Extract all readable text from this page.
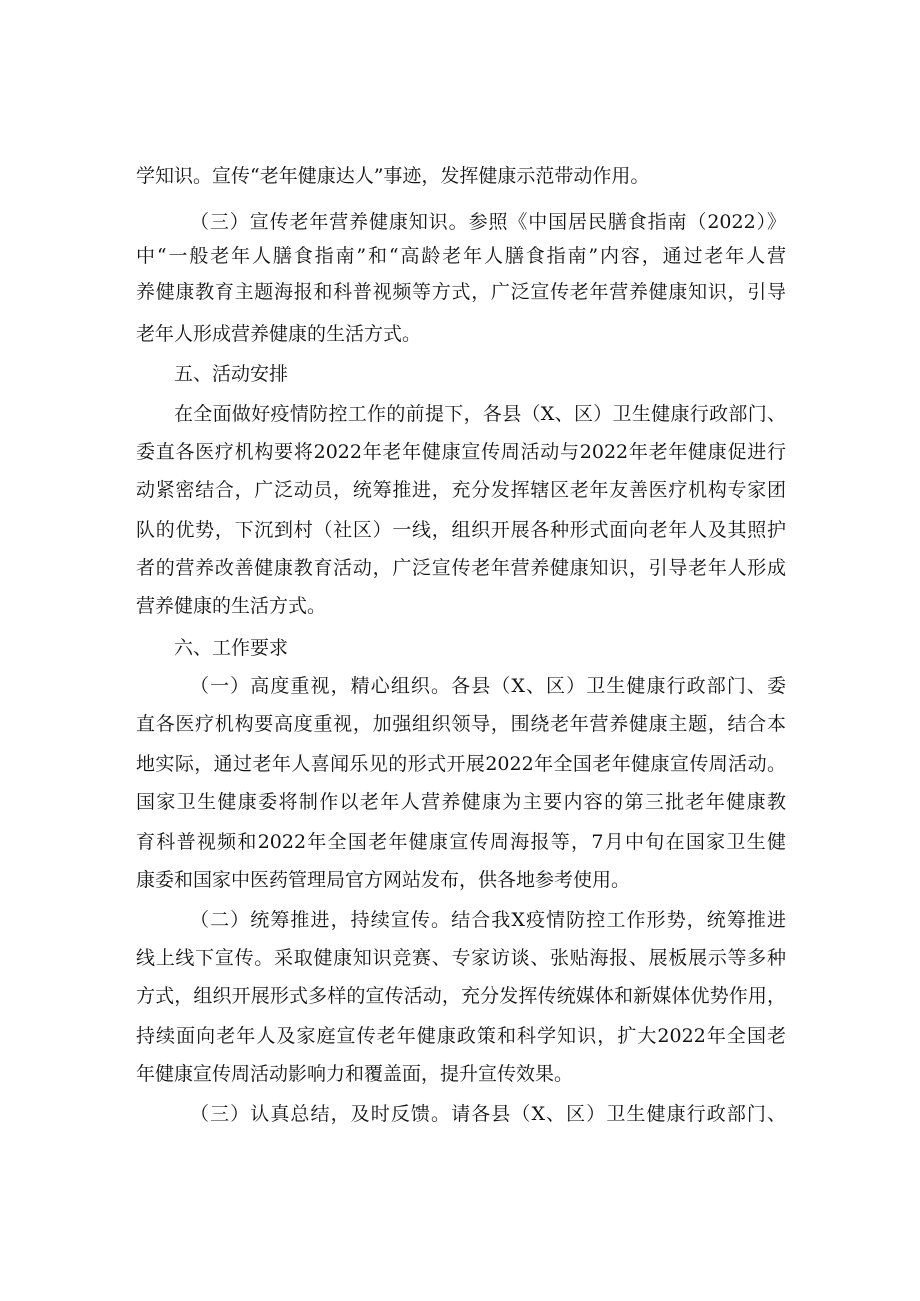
学知识。宣传“老年健康达人”事迹，发挥健康示范带动作用。
（三）宣传老年营养健康知识。参照《中国居民膳食指南（2022）》
中“一般老年人膳食指南”和“高龄老年人膳食指南”内容，通过老年人营
养健康教育主题海报和科普视频等方式，广泛宣传老年营养健康知识，引导
老年人形成营养健康的生活方式。
五、活动安排
在全面做好疫情防控工作的前提下，各县（X、区）卫生健康行政部门、
委直各医疗机构要将2022年老年健康宣传周活动与2022年老年健康促进行
动紧密结合，广泛动员，统筹推进，充分发挥辖区老年友善医疗机构专家团
队的优势，下沉到村（社区）一线，组织开展各种形式面向老年人及其照护
者的营养改善健康教育活动，广泛宣传老年营养健康知识，引导老年人形成
营养健康的生活方式。
六、工作要求
（一）高度重视，精心组织。各县（X、区）卫生健康行政部门、委
直各医疗机构要高度重视，加强组织领导，围绕老年营养健康主题，结合本
地实际，通过老年人喜闻乐见的形式开展2022年全国老年健康宣传周活动。
国家卫生健康委将制作以老年人营养健康为主要内容的第三批老年健康教
育科普视频和2022年全国老年健康宣传周海报等，7月中旬在国家卫生健
康委和国家中医药管理局官方网站发布，供各地参考使用。
（二）统筹推进，持续宣传。结合我X疫情防控工作形势，统筹推进
线上线下宣传。采取健康知识竞赛、专家访谈、张贴海报、展板展示等多种
方式，组织开展形式多样的宣传活动，充分发挥传统媒体和新媒体优势作用，
持续面向老年人及家庭宣传老年健康政策和科学知识，扩大2022年全国老
年健康宣传周活动影响力和覆盖面，提升宣传效果。
（三）认真总结，及时反馈。请各县（X、区）卫生健康行政部门、
